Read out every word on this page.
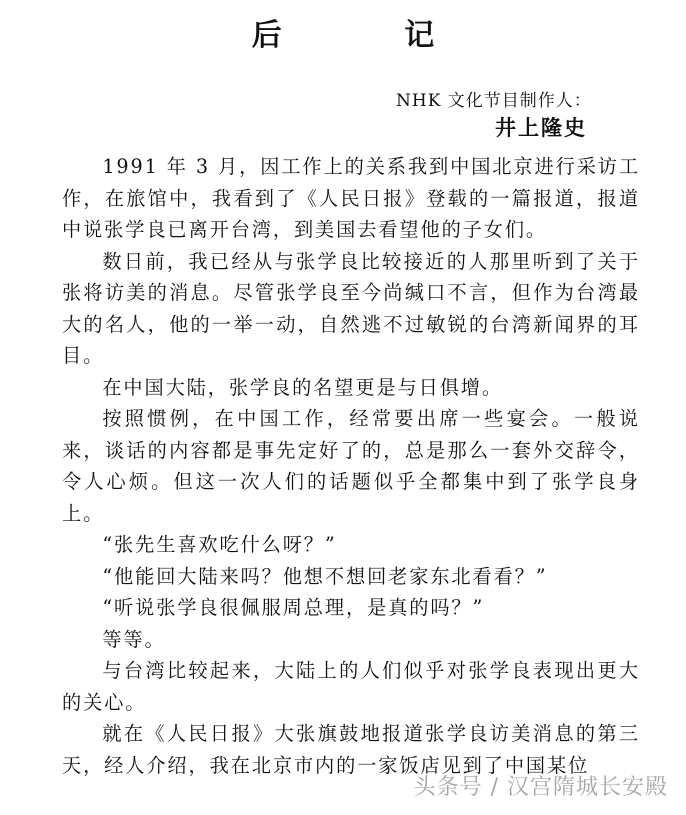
后 记
NHK 文化节目制作人：
井上隆史

1991 年 3 月，因工作上的关系我到中国北京进行采访工作，在旅馆中，我看到了《人民日报》登载的一篇报道，报道中说张学良已离开台湾，到美国去看望他的子女们。

数日前，我已经从与张学良比较接近的人那里听到了关于张将访美的消息。尽管张学良至今尚缄口不言，但作为台湾最大的名人，他的一举一动，自然逃不过敏锐的台湾新闻界的耳目。

在中国大陆，张学良的名望更是与日俱增。

按照惯例，在中国工作，经常要出席一些宴会。一般说来，谈话的内容都是事先定好了的，总是那么一套外交辞令，令人心烦。但这一次人们的话题似乎全都集中到了张学良身上。

“张先生喜欢吃什么呀？”

“他能回大陆来吗？他想不想回老家东北看看？”

“听说张学良很佩服周总理，是真的吗？”

等等。

与台湾比较起来，大陆上的人们似乎对张学良表现出更大的关心。

就在《人民日报》大张旗鼓地报道张学良访美消息的第三天，经人介绍，我在北京市内的一家饭店见到了中国某位

头条号 / 汉宫隋城长安殿
